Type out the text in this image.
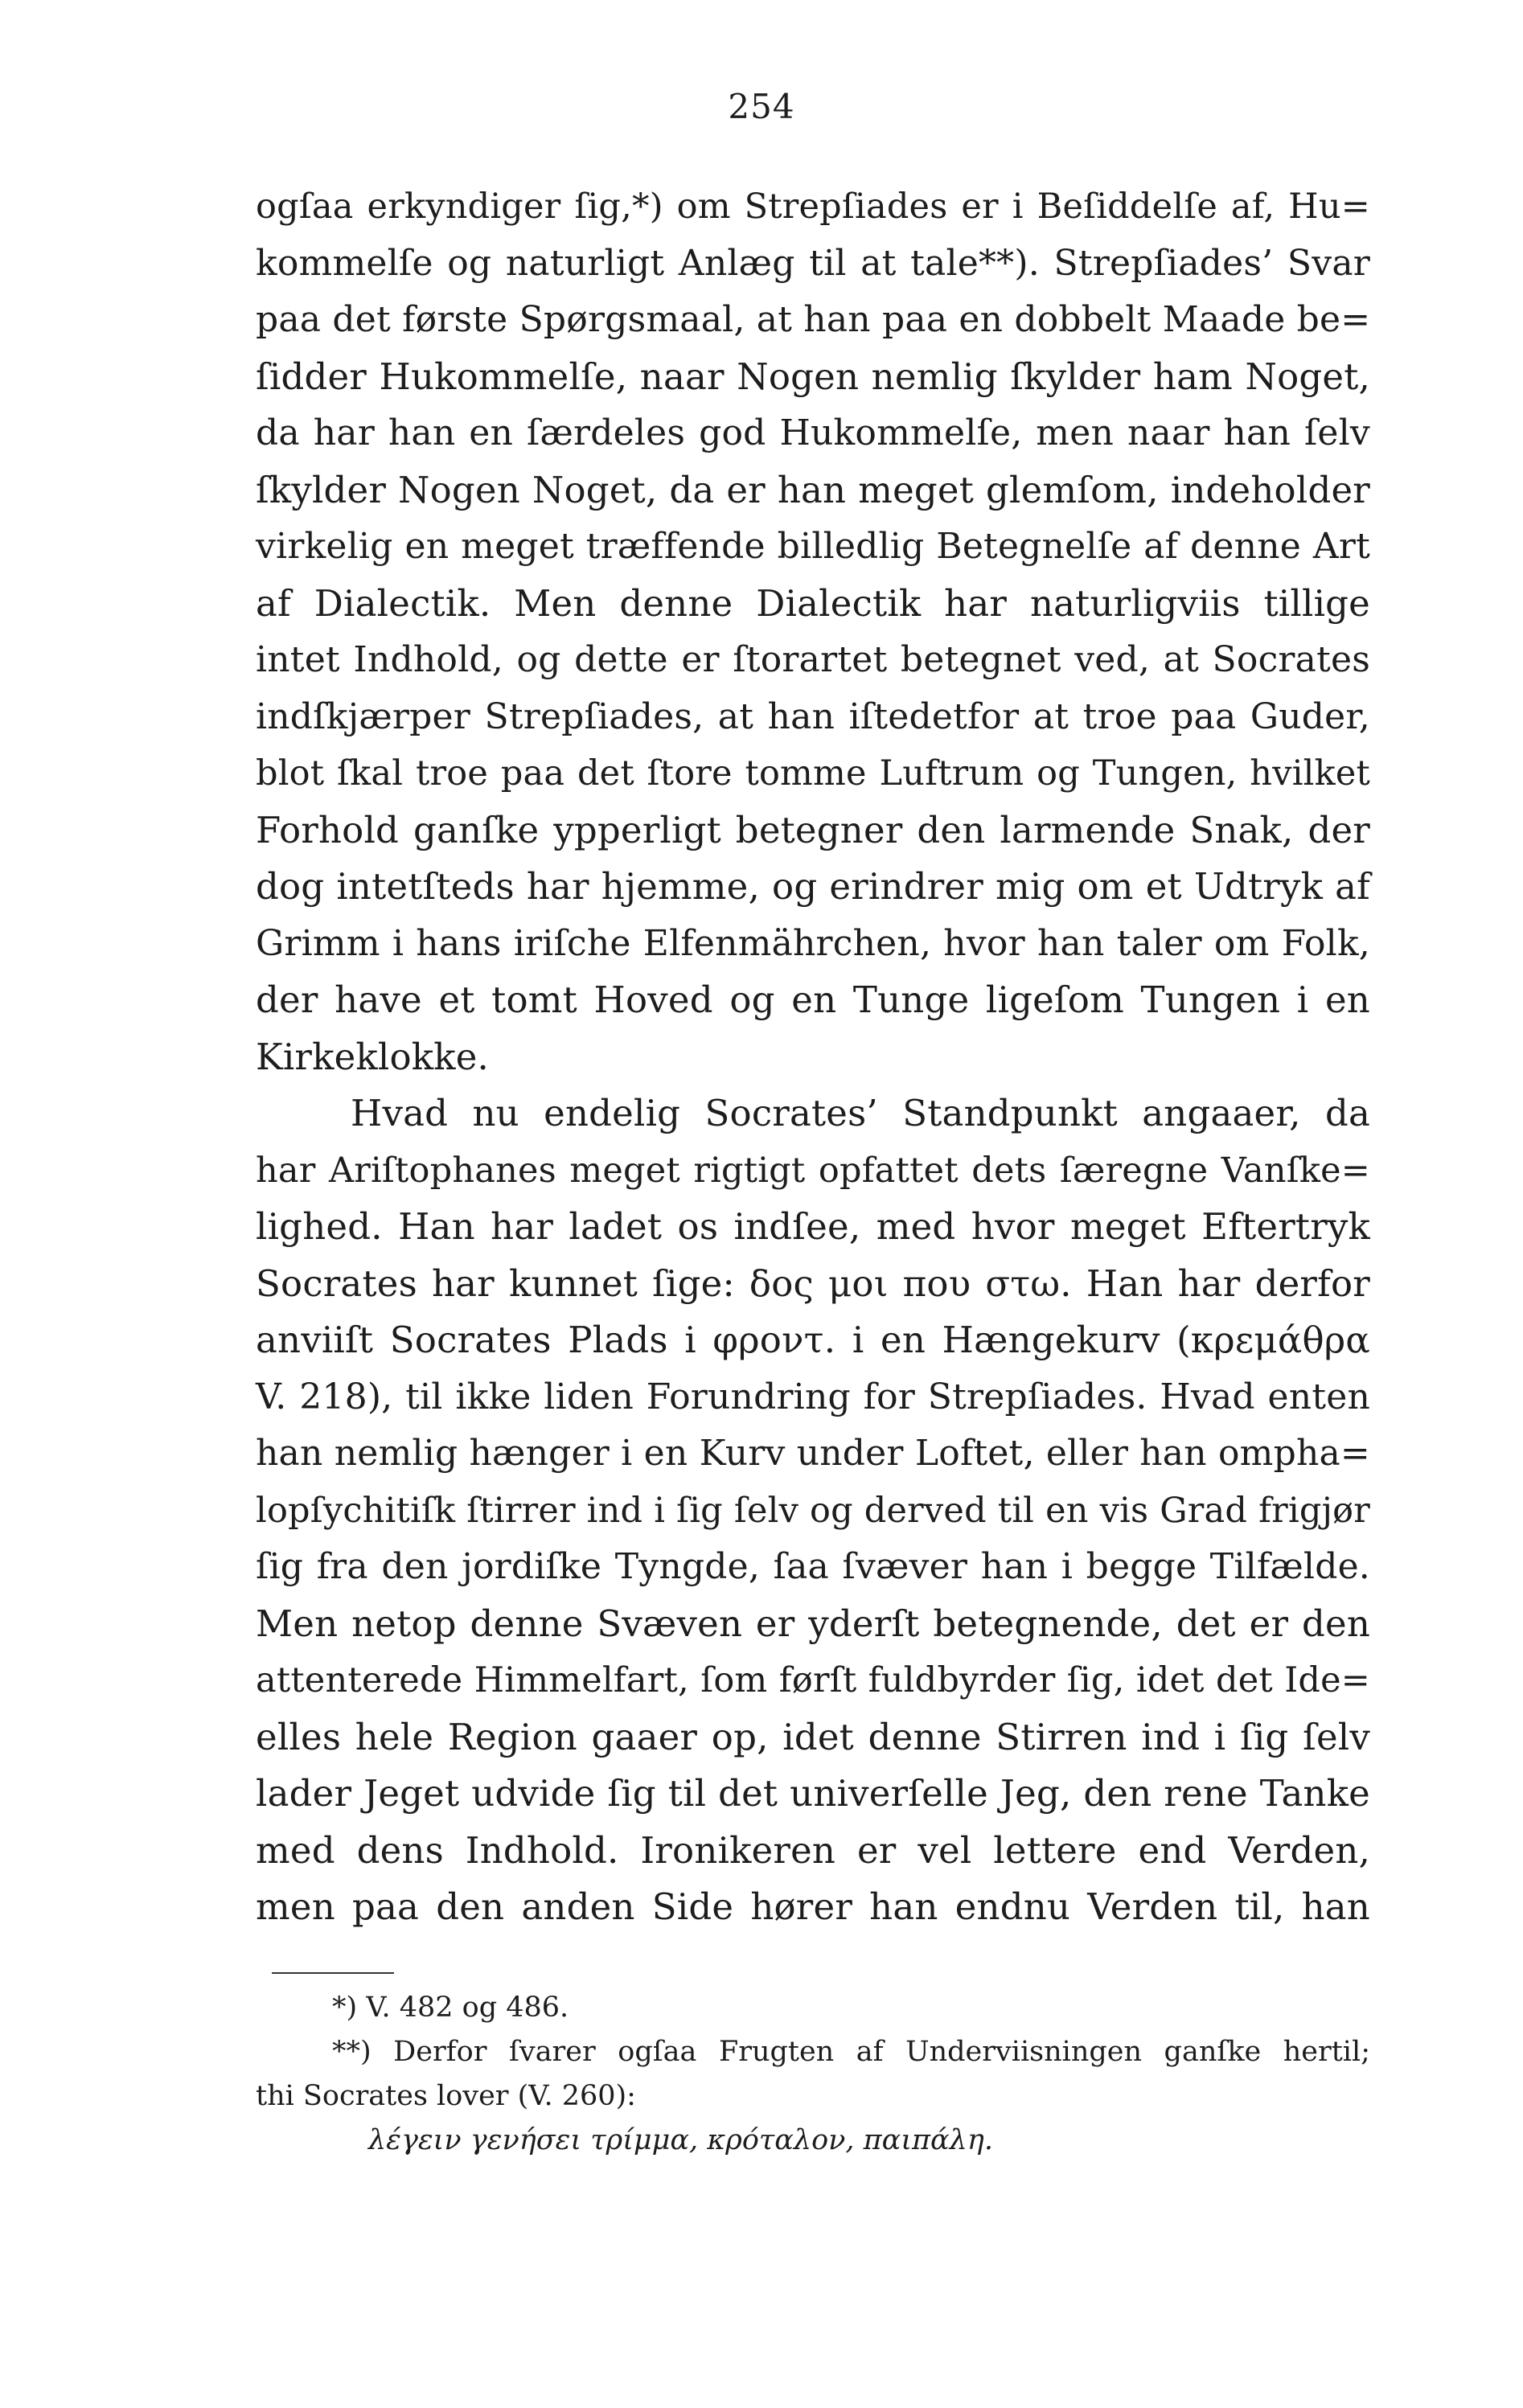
254
ogſaa erkyndiger ſig,*) om Strepſiades er i Beſiddelſe af, Hu=
kommelſe og naturligt Anlæg til at tale**). Strepſiades’ Svar
paa det første Spørgsmaal, at han paa en dobbelt Maade be=
ſidder Hukommelſe, naar Nogen nemlig ſkylder ham Noget,
da har han en ſærdeles god Hukommelſe, men naar han ſelv
ſkylder Nogen Noget, da er han meget glemſom, indeholder
virkelig en meget træffende billedlig Betegnelſe af denne Art
af Dialectik. Men denne Dialectik har naturligviis tillige
intet Indhold, og dette er ſtorartet betegnet ved, at Socrates
indſkjærper Strepſiades, at han iſtedetfor at troe paa Guder,
blot ſkal troe paa det ſtore tomme Luftrum og Tungen, hvilket
Forhold ganſke ypperligt betegner den larmende Snak, der
dog intetſteds har hjemme, og erindrer mig om et Udtryk af
Grimm i hans iriſche Elfenmährchen, hvor han taler om Folk,
der have et tomt Hoved og en Tunge ligeſom Tungen i en
Kirkeklokke.
Hvad nu endelig Socrates’ Standpunkt angaaer, da
har Ariſtophanes meget rigtigt opfattet dets ſæregne Vanſke=
lighed. Han har ladet os indſee, med hvor meget Eftertryk
Socrates har kunnet ſige: δος μοι που στω. Han har derfor
anviiſt Socrates Plads i φροντ. i en Hængekurv (κρεμάθρα
V. 218), til ikke liden Forundring for Strepſiades. Hvad enten
han nemlig hænger i en Kurv under Loftet, eller han ompha=
lopſychitiſk ſtirrer ind i ſig ſelv og derved til en vis Grad frigjør
ſig fra den jordiſke Tyngde, ſaa ſvæver han i begge Tilfælde.
Men netop denne Svæven er yderſt betegnende, det er den
attenterede Himmelfart, ſom førſt fuldbyrder ſig, idet det Ide=
elles hele Region gaaer op, idet denne Stirren ind i ſig ſelv
lader Jeget udvide ſig til det univerſelle Jeg, den rene Tanke
med dens Indhold. Ironikeren er vel lettere end Verden,
men paa den anden Side hører han endnu Verden til, han
*) V. 482 og 486.
**) Derfor ſvarer ogſaa Frugten af Underviisningen ganſke hertil;
thi Socrates lover (V. 260):
λέγειν γενήσει τρίμμα, κρόταλον, παιπάλη.
